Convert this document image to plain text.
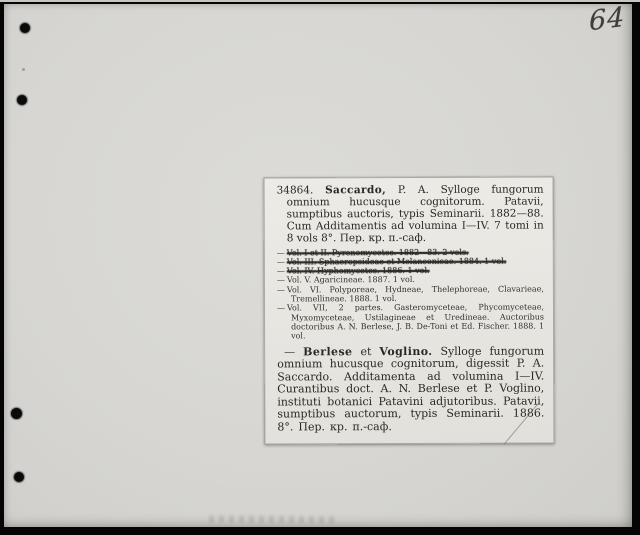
64

34864. Saccardo, P. A. Sylloge fungorum omnium hucusque cognitorum. Patavii, sumptibus auctoris, typis Seminarii. 1882—88. Cum Additamentis ad volumina I—IV. 7 tomi in 8 vols 8°. Пер. кр. п.-саф.

— Vol. I et II. Pyrenomycetes. 1882—83. 2 vols.
— Vol. III. Sphaeropsideae et Melanconieae. 1884. 1 vol.
— Vol. IV. Hyphomycetes. 1886. 1 vol.
— Vol. V. Agaricineae. 1887. 1 vol.
— Vol. VI. Polyporeae, Hydneae, Thelephoreae, Clavarieae, Tremellineae. 1888. 1 vol.
— Vol. VII, 2 partes. Gasteromyceteae, Phycomyceteae, Myxomyceteae, Ustilagineae et Uredineae. Auctoribus doctoribus A. N. Berlese, J. B. De-Toni et Ed. Fischer. 1888. 1 vol.

— Berlese et Voglino. Sylloge fungorum omnium hucusque cognitorum, digessit P. A. Saccardo. Additamenta ad volumina I—IV. Curantibus doct. A. N. Berlese et P. Voglino, instituti botanici Patavini adjutoribus. Patavii, sumptibus auctorum, typis Seminarii. 1886. 8°. Пер. кр. п.-саф.
